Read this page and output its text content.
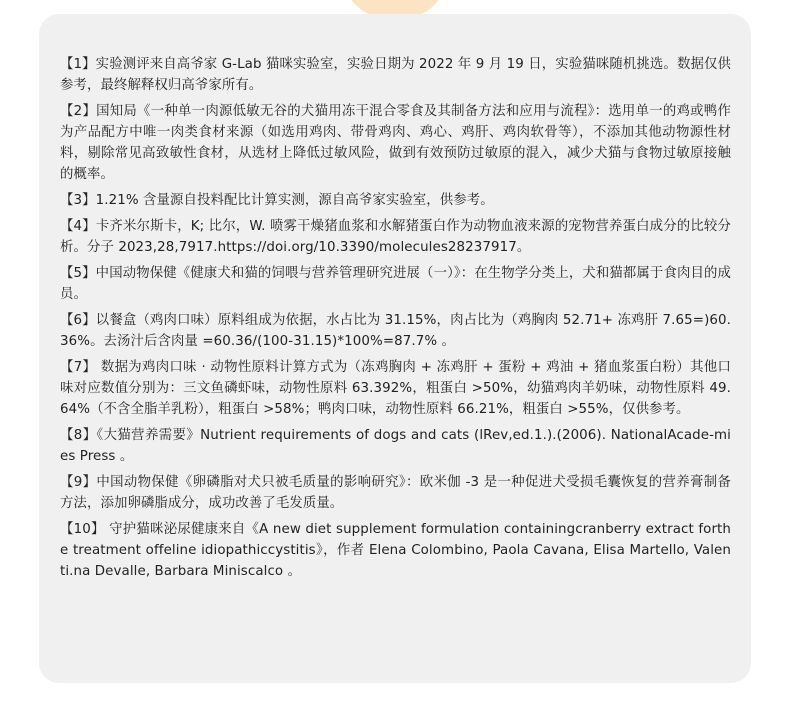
【1】实验测评来自高爷家 G-Lab 猫咪实验室，实验日期为 2022 年 9 月 19 日，实验猫咪随机挑选。数据仅供参考，最终解释权归高爷家所有。

【2】国知局《一种单一肉源低敏无谷的犬猫用冻干混合零食及其制备方法和应用与流程》：选用单一的鸡或鸭作为产品配方中唯一肉类食材来源（如选用鸡肉、带骨鸡肉、鸡心、鸡肝、鸡肉软骨等），不添加其他动物源性材料，剔除常见高致敏性食材，从选材上降低过敏风险，做到有效预防过敏原的混入，减少犬猫与食物过敏原接触的概率。

【3】1.21% 含量源自投料配比计算实测，源自高爷家实验室，供参考。

【4】卡齐米尔斯卡，K; 比尔，W. 喷雾干燥猪血浆和水解猪蛋白作为动物血液来源的宠物营养蛋白成分的比较分析。分子 2023,28,7917.https://doi.org/10.3390/molecules28237917。

【5】中国动物保健《健康犬和猫的饲喂与营养管理研究进展（一）》：在生物学分类上，犬和猫都属于食肉目的成员。

【6】以餐盒（鸡肉口味）原料组成为依据，水占比为 31.15%，肉占比为（鸡胸肉 52.71+ 冻鸡肝 7.65=)60.36%。去汤汁后含肉量 =60.36/(100-31.15)*100%=87.7% 。

【7】 数据为鸡肉口味 · 动物性原料计算方式为（冻鸡胸肉 + 冻鸡肝 + 蛋粉 + 鸡油 + 猪血浆蛋白粉）其他口味对应数值分别为：三文鱼磷虾味，动物性原料 63.392%，粗蛋白 >50%，幼猫鸡肉羊奶味，动物性原料 49.64%（不含全脂羊乳粉），粗蛋白 >58%；鸭肉口味，动物性原料 66.21%，粗蛋白 >55%，仅供参考。

【8】《大猫营养需要》Nutrient requirements of dogs and cats (lRev,ed.1.).(2006). NationalAcade-mies Press 。

【9】中国动物保健《卵磷脂对犬只被毛质量的影响研究》：欧米伽 -3 是一种促进犬受损毛囊恢复的营养膏制备方法，添加卵磷脂成分，成功改善了毛发质量。

【10】 守护猫咪泌尿健康来自《A new diet supplement formulation containingcranberry extract forthe treatment offeline idiopathiccystitis》，作者 Elena Colombino, Paola Cavana, Elisa Martello, Valenti.na Devalle, Barbara Miniscalco 。
